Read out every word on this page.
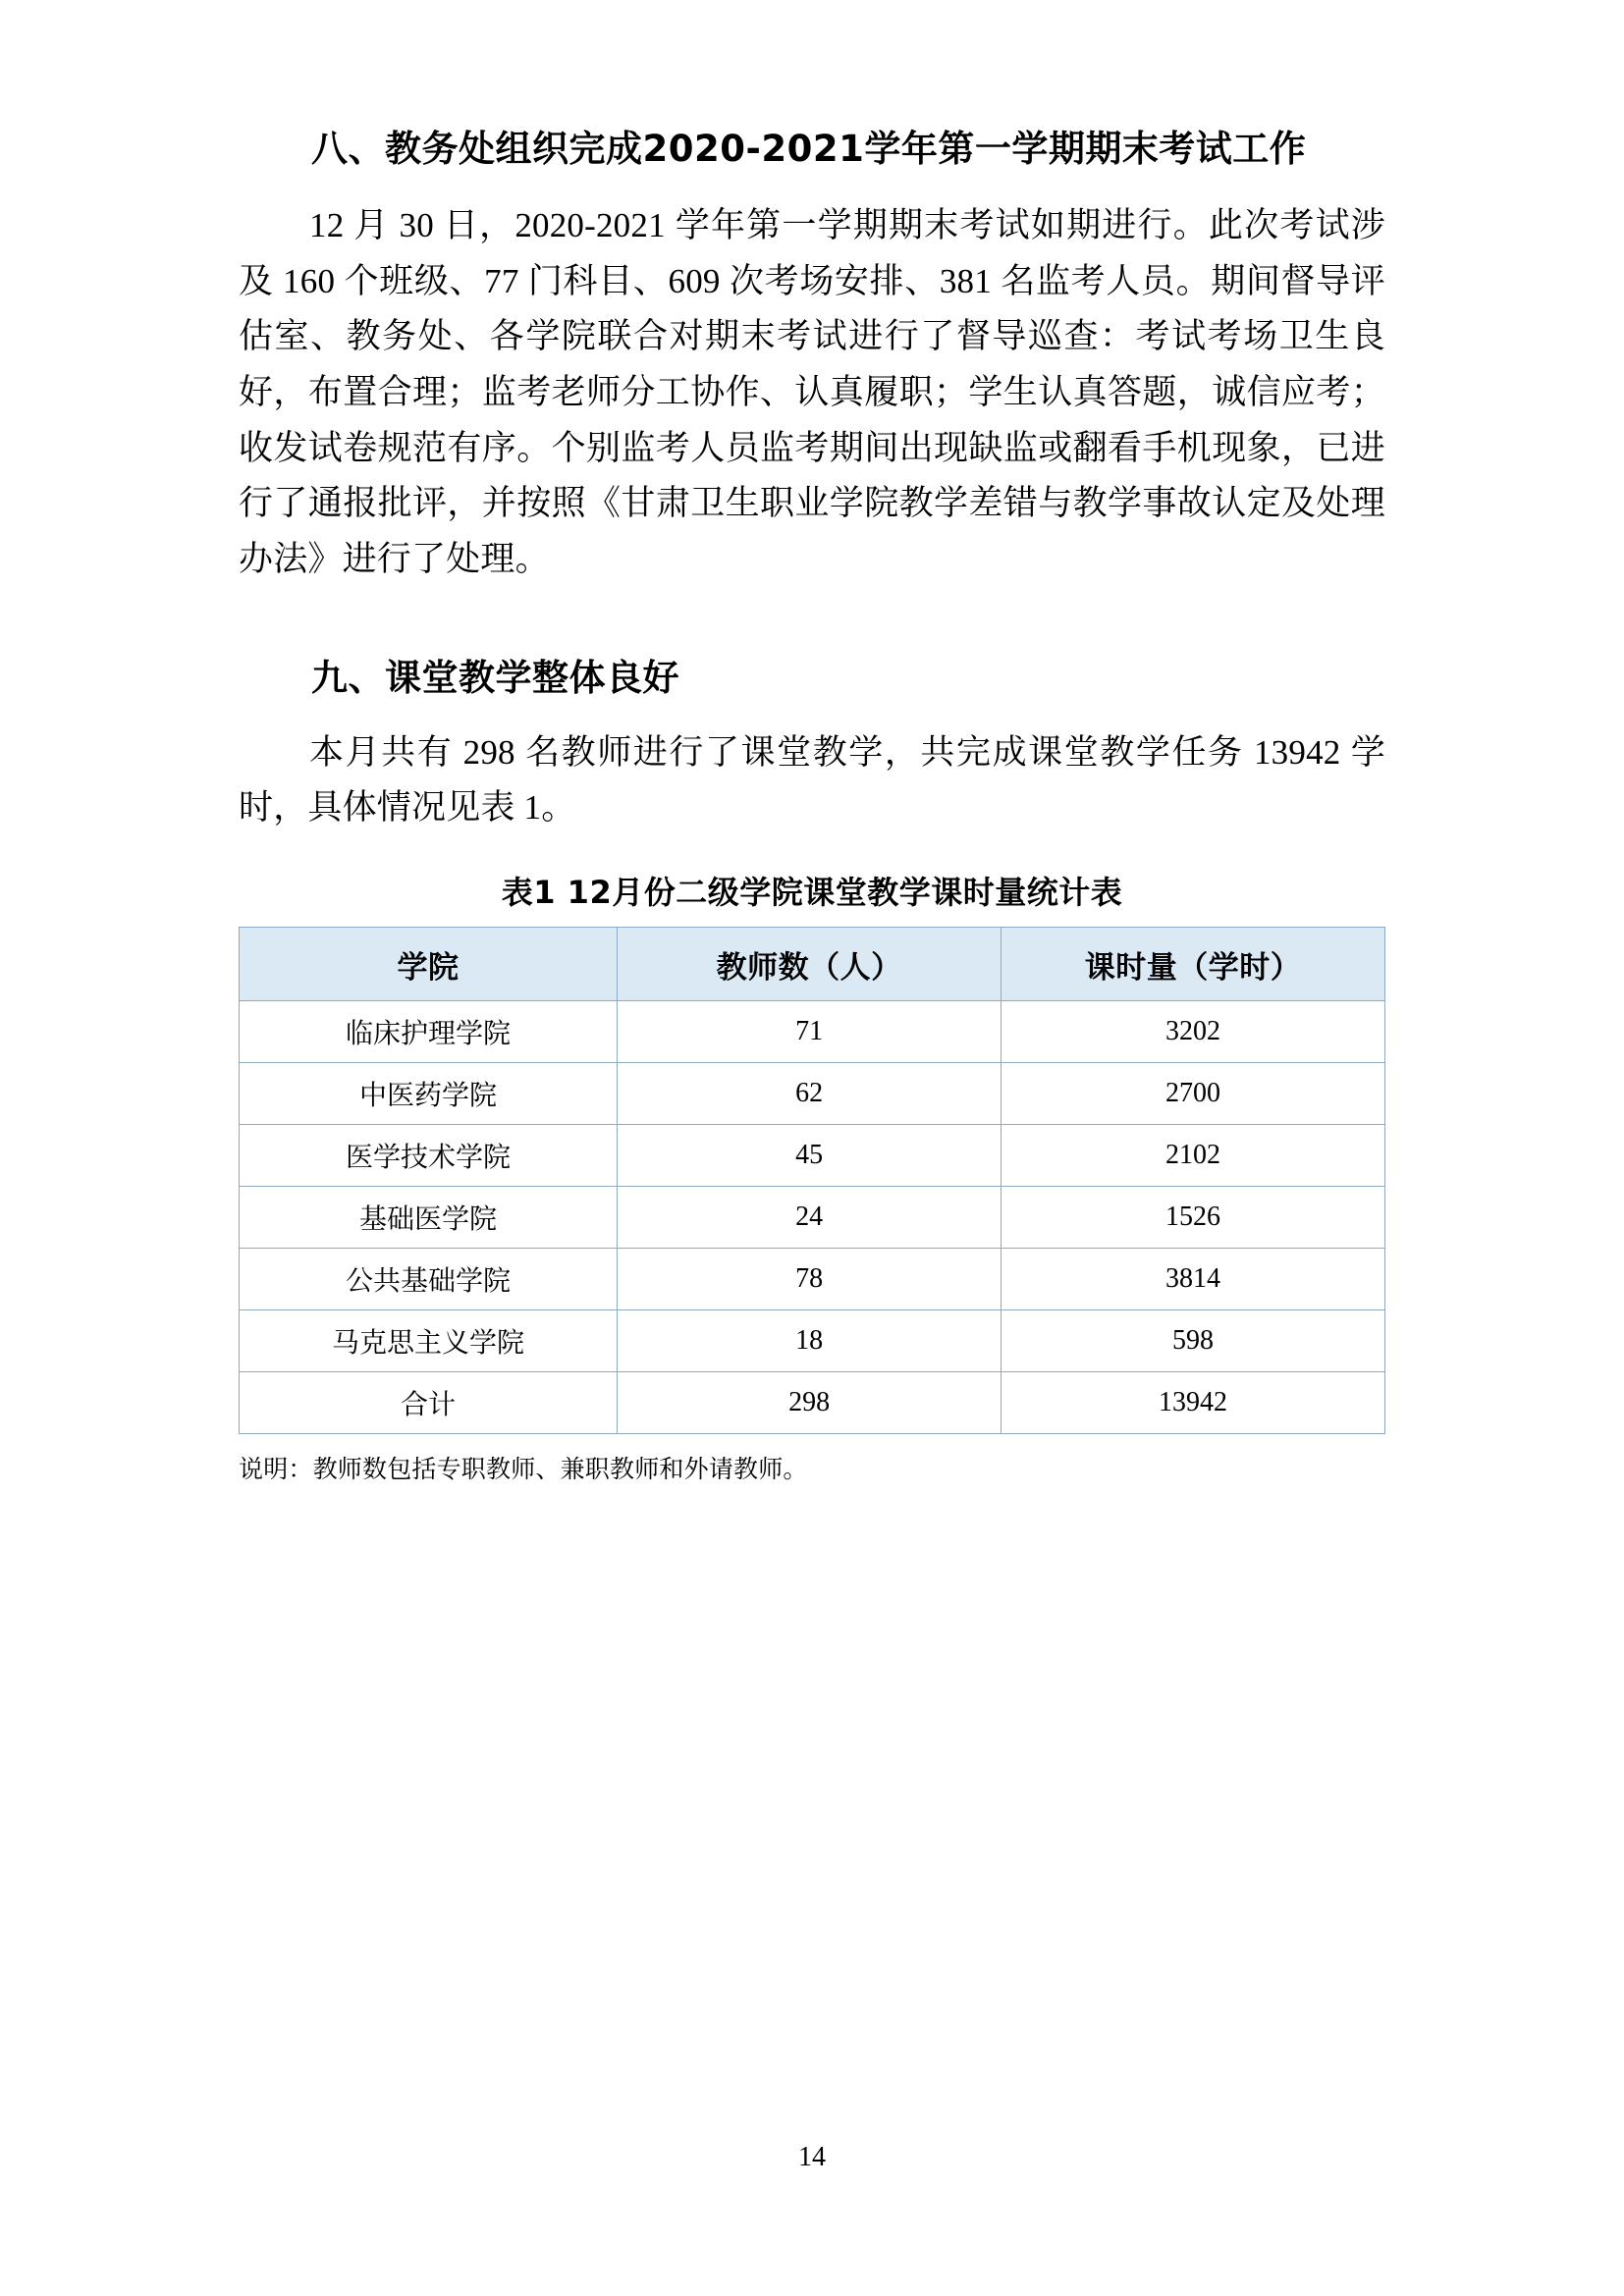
八、教务处组织完成2020-2021学年第一学期期末考试工作

12 月 30 日，2020-2021 学年第一学期期末考试如期进行。此次考试涉及 160 个班级、77 门科目、609 次考场安排、381 名监考人员。期间督导评估室、教务处、各学院联合对期末考试进行了督导巡查：考试考场卫生良好，布置合理；监考老师分工协作、认真履职；学生认真答题，诚信应考；收发试卷规范有序。个别监考人员监考期间出现缺监或翻看手机现象，已进行了通报批评，并按照《甘肃卫生职业学院教学差错与教学事故认定及处理办法》进行了处理。

九、课堂教学整体良好

本月共有 298 名教师进行了课堂教学，共完成课堂教学任务 13942 学时，具体情况见表 1。

表1 12月份二级学院课堂教学课时量统计表

学院	教师数（人）	课时量（学时）
临床护理学院	71	3202
中医药学院	62	2700
医学技术学院	45	2102
基础医学院	24	1526
公共基础学院	78	3814
马克思主义学院	18	598
合计	298	13942

说明：教师数包括专职教师、兼职教师和外请教师。

14
